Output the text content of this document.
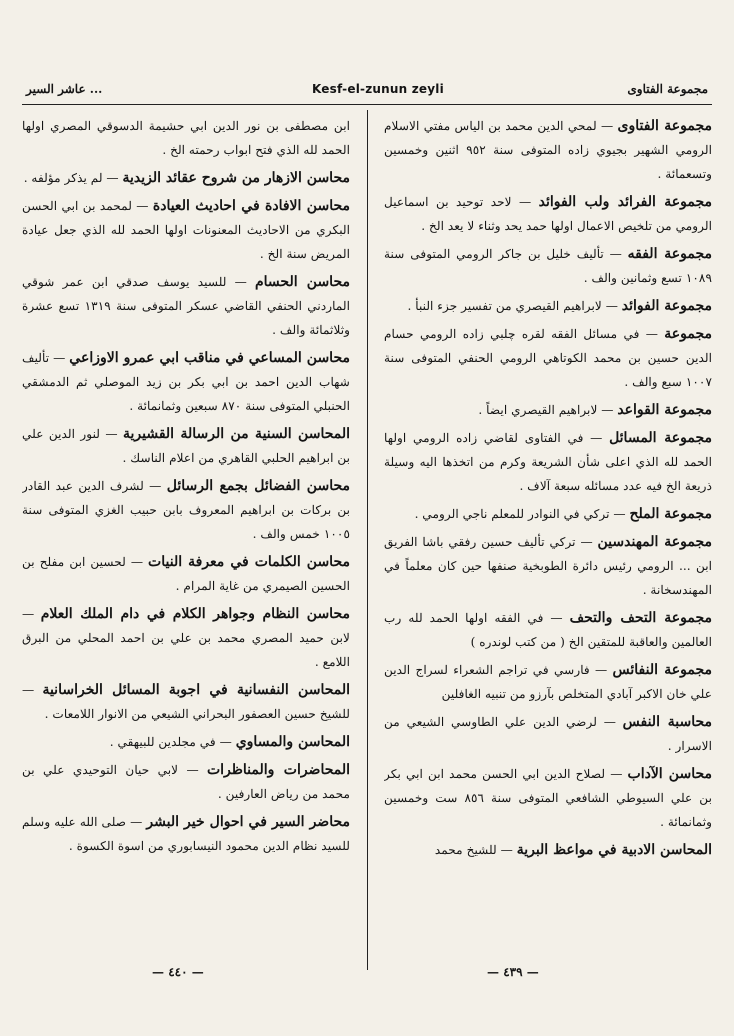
عاشر السير ...	Kesf-el-zunun zeyli	مجموعة الفتاوى

مجموعة الفتاوى — لمحي الدين محمد بن الياس مفتي الاسلام الرومي الشهير بجيوي زاده المتوفى سنة ٩٥٢ اثنين وخمسين وتسعمائة .

مجموعة الفرائد ولب الفوائد — لاحد توحيد بن اسماعيل الرومي من تلخيص الاعمال اولها حمد يحد وثناء لا يعد الخ .

مجموعة الفقه — تأليف خليل بن جاكر الرومي المتوفى سنة ١٠٨٩ تسع وثمانين والف .

مجموعة الفوائد — لابراهيم القيصري من تفسير جزء النبأ .

مجموعة — في مسائل الفقه لقره چلبي زاده الرومي حسام الدين حسين بن محمد الكوتاهي الرومي الحنفي المتوفى سنة ١٠٠٧ سبع والف .

مجموعة القواعد — لابراهيم القيصري ايضاً .

مجموعة المسائل — في الفتاوى لقاضي زاده الرومي اولها الحمد لله الذي اعلى شأن الشريعة وكرم من اتخذها اليه وسيلة ذريعة الخ فيه عدد مسائله سبعة آلاف .

مجموعة الملح — تركي في النوادر للمعلم ناجي الرومي .

مجموعة المهندسين — تركي تأليف حسين رفقي باشا الفريق ابن ... الرومي رئيس دائرة الطوبخية صنفها حين كان معلماً في المهندسخانة .

مجموعة التحف والتحف — في الفقه اولها الحمد لله رب العالمين والعاقبة للمتقين الخ ( من كتب لوندره )

مجموعة النفائس — فارسي في تراجم الشعراء لسراج الدين علي خان الاكبر آبادي المتخلص بآرزو من تنبيه الغافلين

محاسبة النفس — لرضي الدين علي الطاوسي الشيعي من الاسرار .

محاسن الآداب — لصلاح الدين ابي الحسن محمد ابن ابي بكر بن علي السيوطي الشافعي المتوفى سنة ٨٥٦ ست وخمسين وثمانمائة .

المحاسن الادبية في مواعظ البرية — للشيخ محمد

ابن مصطفى بن نور الدين ابي حشيمة الدسوقي المصري اولها الحمد لله الذي فتح ابواب رحمته الخ .

محاسن الازهار من شروح عقائد الزيدية — لم يذكر مؤلفه .

محاسن الافادة في احاديث العيادة — لمحمد بن ابي الحسن البكري من الاحاديث المعنونات اولها الحمد لله الذي جعل عيادة المريض سنة الخ .

محاسن الحسام — للسيد يوسف صدقي ابن عمر شوقي الماردني الحنفي القاضي عسكر المتوفى سنة ١٣١٩ تسع عشرة وثلاثمائة والف .

محاسن المساعي في مناقب ابي عمرو الاوزاعي — تأليف شهاب الدين احمد بن ابي بكر بن زيد الموصلي ثم الدمشقي الحنبلي المتوفى سنة ٨٧٠ سبعين وثمانمائة .

المحاسن السنية من الرسالة القشيرية — لنور الدين علي بن ابراهيم الحلبي القاهري من اعلام الناسك .

محاسن الفضائل بجمع الرسائل — لشرف الدين عبد القادر بن بركات بن ابراهيم المعروف بابن حبيب الغزي المتوفى سنة ١٠٠٥ خمس والف .

محاسن الكلمات في معرفة النيات — لحسين ابن مفلح بن الحسين الصيمري من غاية المرام .

محاسن النظام وجواهر الكلام في دام الملك العلام — لابن حميد المصري محمد بن علي بن احمد المحلي من البرق اللامع .

المحاسن النفسانية في اجوبة المسائل الخراسانية — للشيخ حسين العصفور البحراني الشيعي من الانوار اللامعات .

المحاسن والمساوي — في مجلدين للبيهقي .

المحاضرات والمناظرات — لابي حيان التوحيدي علي بن محمد من رياض العارفين .

محاضر السير في احوال خير البشر — صلى الله عليه وسلم للسيد نظام الدين محمود النيسابوري من اسوة الكسوة .

— ٤٤٠ —	— ٤٣٩ —
